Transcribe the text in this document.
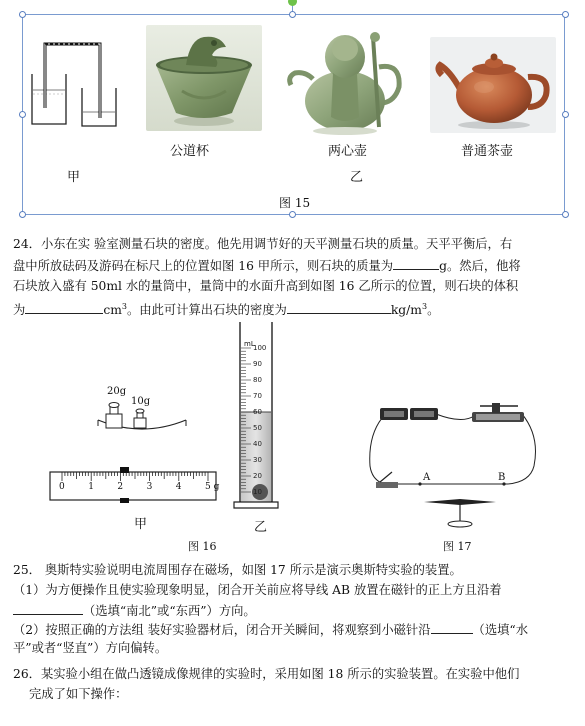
公道杯	两心壶	普通茶壶
甲	乙
图 15
24．小东在实 验室测量石块的密度。他先用调节好的天平测量石块的质量。天平平衡后，右
盘中所放砝码及游码在标尺上的位置如图 16 甲所示，则石块的质量为	g。然后，他将
石块放入盛有 50ml 水的量筒中，量筒中的水面升高到如图 16 乙所示的位置，则石块的体积
为	$cm^3$。由此可计算出石块的密度为	$kg/m^3$。
20g
10g
0	1	2	3	4	5 g
100
90
80
70
60
50
40
30
20
10
mL
甲	乙
图 16
A	B
图 17
25． 奥斯特实验说明电流周围存在磁场，如图 17 所示是演示奥斯特实验的装置。
（1）为方便操作且使实验现象明显，闭合开关前应将导线 AB 放置在磁针的正上方且沿着
（选填“南北”或“东西”）方向。
（2）按照正确的方法组 装好实验器材后，闭合开关瞬间，将观察到小磁针沿	（选填“水
平”或者“竖直”）方向偏转。
26．某实验小组在做凸透镜成像规律的实验时，采用如图 18 所示的实验装置。在实验中他们
完成了如下操作：
